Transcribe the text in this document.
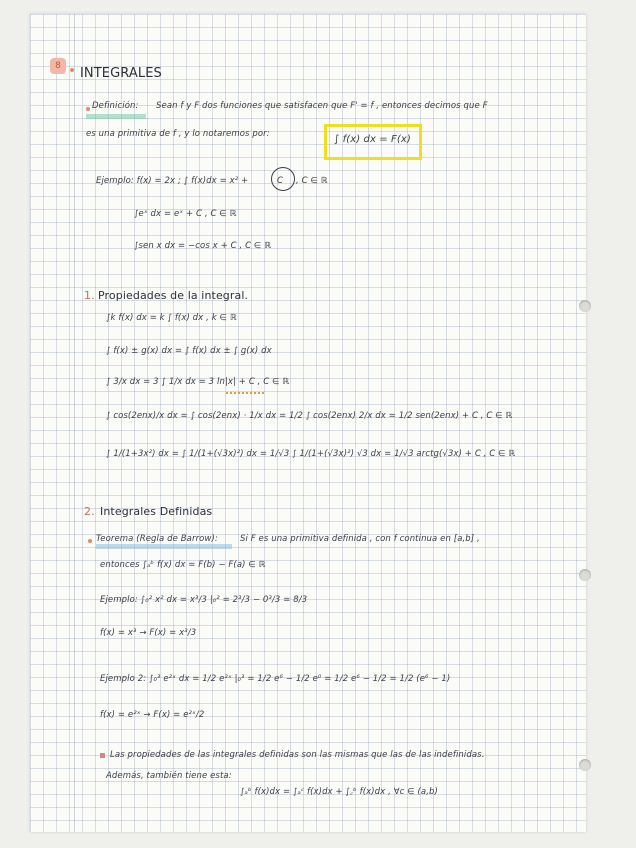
8	INTEGRALES
Definición: Sean f y F dos funciones que satisfacen que F' = f , entonces decimos que F
es una primitiva de f , y lo notaremos por:	∫ f(x) dx = F(x)
Ejemplo: f(x) = 2x ; ∫ f(x)dx = x² +	C , C ∈ ℝ
∫eˣ dx = eˣ + C , C ∈ ℝ
∫sen x dx = −cos x + C , C ∈ ℝ
1. Propiedades de la integral.
∫k f(x) dx = k ∫ f(x) dx , k ∈ ℝ
∫ f(x) ± g(x) dx = ∫ f(x) dx ± ∫ g(x) dx
∫ 3/x dx = 3 ∫ 1/x dx = 3 ln|x| + C , C ∈ ℝ
∫ cos(2enx)/x dx = ∫ cos(2enx) · 1/x dx = 1/2 ∫ cos(2enx) 2/x dx = 1/2 sen(2enx) + C , C ∈ ℝ
∫ 1/(1+3x²) dx = ∫ 1/(1+(√3x)²) dx = 1/√3 ∫ 1/(1+(√3x)²) √3 dx = 1/√3 arctg(√3x) + C , C ∈ ℝ
2. Integrales Definidas
Teorema (Regla de Barrow):	Si F es una primitiva definida , con f continua en [a,b] ,
entonces ∫ₐᵇ f(x) dx = F(b) − F(a) ∈ ℝ
Ejemplo: ∫₀² x² dx = x³/3 |₀² = 2³/3 − 0³/3 = 8/3
f(x) = x³ → F(x) = x³/3
Ejemplo 2: ∫₀³ e²ˣ dx = 1/2 e²ˣ |₀³ = 1/2 e⁶ − 1/2 e⁰ = 1/2 e⁶ − 1/2 = 1/2 (e⁶ − 1)
f(x) = e²ˣ → F(x) = e²ˣ/2
Las propiedades de las integrales definidas son las mismas que las de las indefinidas.
Además, también tiene esta:
∫ₐᵇ f(x)dx = ∫ₐᶜ f(x)dx + ∫꜀ᵇ f(x)dx , ∀c ∈ (a,b)
